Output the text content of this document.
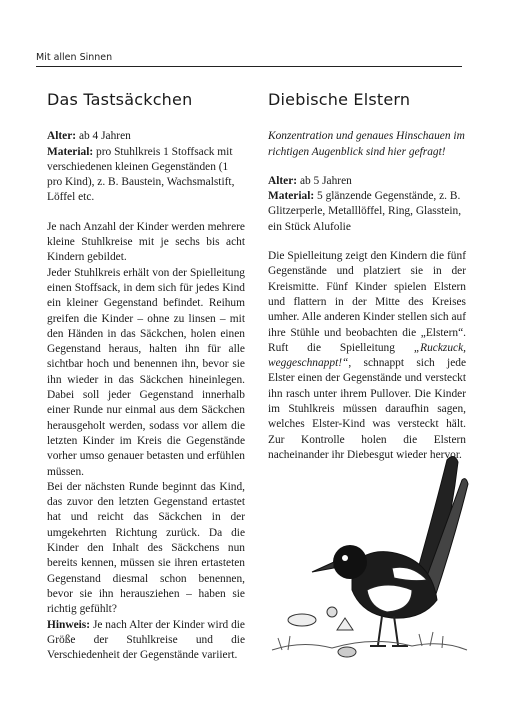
Mit allen Sinnen
Das Tastsäckchen

Alter: ab 4 Jahren

Material: pro Stuhlkreis 1 Stoffsack mit verschiedenen kleinen Gegenständen (1 pro Kind), z. B. Baustein, Wachsmalstift, Löffel etc.

Je nach Anzahl der Kinder werden mehrere kleine Stuhlkreise mit je sechs bis acht Kindern gebildet.

Jeder Stuhlkreis erhält von der Spielleitung einen Stoffsack, in dem sich für jedes Kind ein kleiner Gegenstand befindet. Reihum greifen die Kinder – ohne zu linsen – mit den Händen in das Säckchen, holen einen Gegenstand heraus, halten ihn für alle sichtbar hoch und benennen ihn, bevor sie ihn wieder in das Säckchen hineinlegen. Dabei soll jeder Gegenstand innerhalb einer Runde nur einmal aus dem Säckchen herausgeholt werden, sodass vor allem die letzten Kinder im Kreis die Gegenstände vorher umso genauer betasten und erfühlen müssen.

Bei der nächsten Runde beginnt das Kind, das zuvor den letzten Gegenstand ertastet hat und reicht das Säckchen in der umgekehrten Richtung zurück. Da die Kinder den Inhalt des Säckchens nun bereits kennen, müssen sie ihren ertasteten Gegenstand diesmal schon benennen, bevor sie ihn herausziehen – haben sie richtig gefühlt?

Hinweis: Je nach Alter der Kinder wird die Größe der Stuhlkreise und die Verschiedenheit der Gegenstände variiert.

Diebische Elstern

Konzentration und genaues Hinschauen im richtigen Augenblick sind hier gefragt!

Alter: ab 5 Jahren

Material: 5 glänzende Gegenstände, z. B. Glitzerperle, Metalllöffel, Ring, Glasstein, ein Stück Alufolie

Die Spielleitung zeigt den Kindern die fünf Gegenstände und platziert sie in der Kreismitte. Fünf Kinder spielen Elstern und flattern in der Mitte des Kreises umher. Alle anderen Kinder stellen sich auf ihre Stühle und beobachten die „Elstern“. Ruft die Spielleitung „Ruckzuck, weggeschnappt!“, schnappt sich jede Elster einen der Gegenstände und versteckt ihn rasch unter ihrem Pullover. Die Kinder im Stuhlkreis müssen daraufhin sagen, welches Elster-Kind was versteckt hält. Zur Kontrolle holen die Elstern nacheinander ihr Diebesgut wieder hervor.
